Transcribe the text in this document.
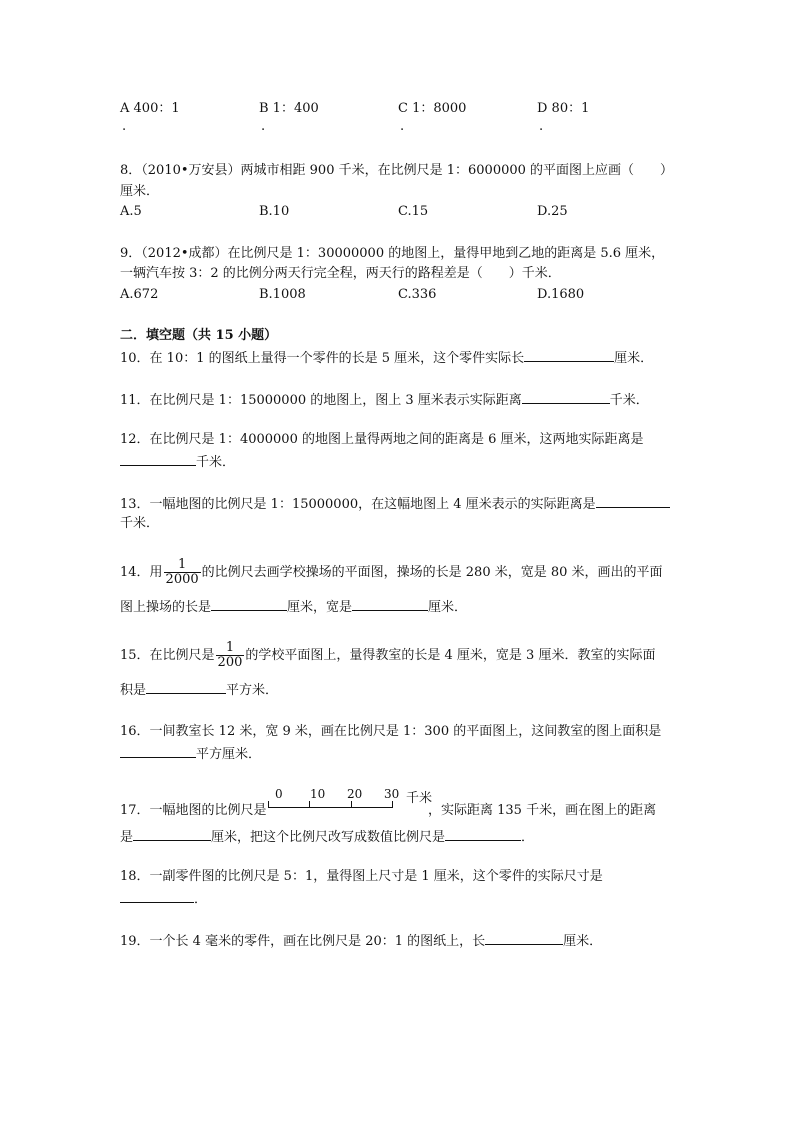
A 400：1	B 1：400	C 1：8000	D 80：1
.	.	.	.
8．（2010•万安县）两城市相距 900 千米，在比例尺是 1：6000000 的平面图上应画（　　）
厘米．
A.5	B.10	C.15	D.25
9．（2012•成都）在比例尺是 1：30000000 的地图上，量得甲地到乙地的距离是 5.6 厘米，
一辆汽车按 3：2 的比例分两天行完全程，两天行的路程差是（　　）千米．
A.672	B.1008	C.336	D.1680
二．填空题（共 15 小题）
10．在 10：1 的图纸上量得一个零件的长是 5 厘米，这个零件实际长	厘米．
11．在比例尺是 1：15000000 的地图上，图上 3 厘米表示实际距离	千米．
12．在比例尺是 1：4000000 的地图上量得两地之间的距离是 6 厘米，这两地实际距离是
千米．
13．一幅地图的比例尺是 1：15000000，在这幅地图上 4 厘米表示的实际距离是
千米．
14．用 $\frac{1}{2000}$ 的比例尺去画学校操场的平面图，操场的长是 280 米，宽是 80 米，画出的平面
图上操场的长是	厘米，宽是	厘米．
15．在比例尺是 $\frac{1}{200}$ 的学校平面图上，量得教室的长是 4 厘米，宽是 3 厘米．教室的实际面
积是	平方米．
16．一间教室长 12 米，宽 9 米，画在比例尺是 1：300 的平面图上，这间教室的图上面积是
平方厘米．
17．一幅地图的比例尺是
0 10 20 30 千米
，实际距离 135 千米，画在图上的距离
是	厘米，把这个比例尺改写成数值比例尺是	．
18．一副零件图的比例尺是 5：1，量得图上尺寸是 1 厘米，这个零件的实际尺寸是
．
19．一个长 4 毫米的零件，画在比例尺是 20：1 的图纸上，长	厘米．
